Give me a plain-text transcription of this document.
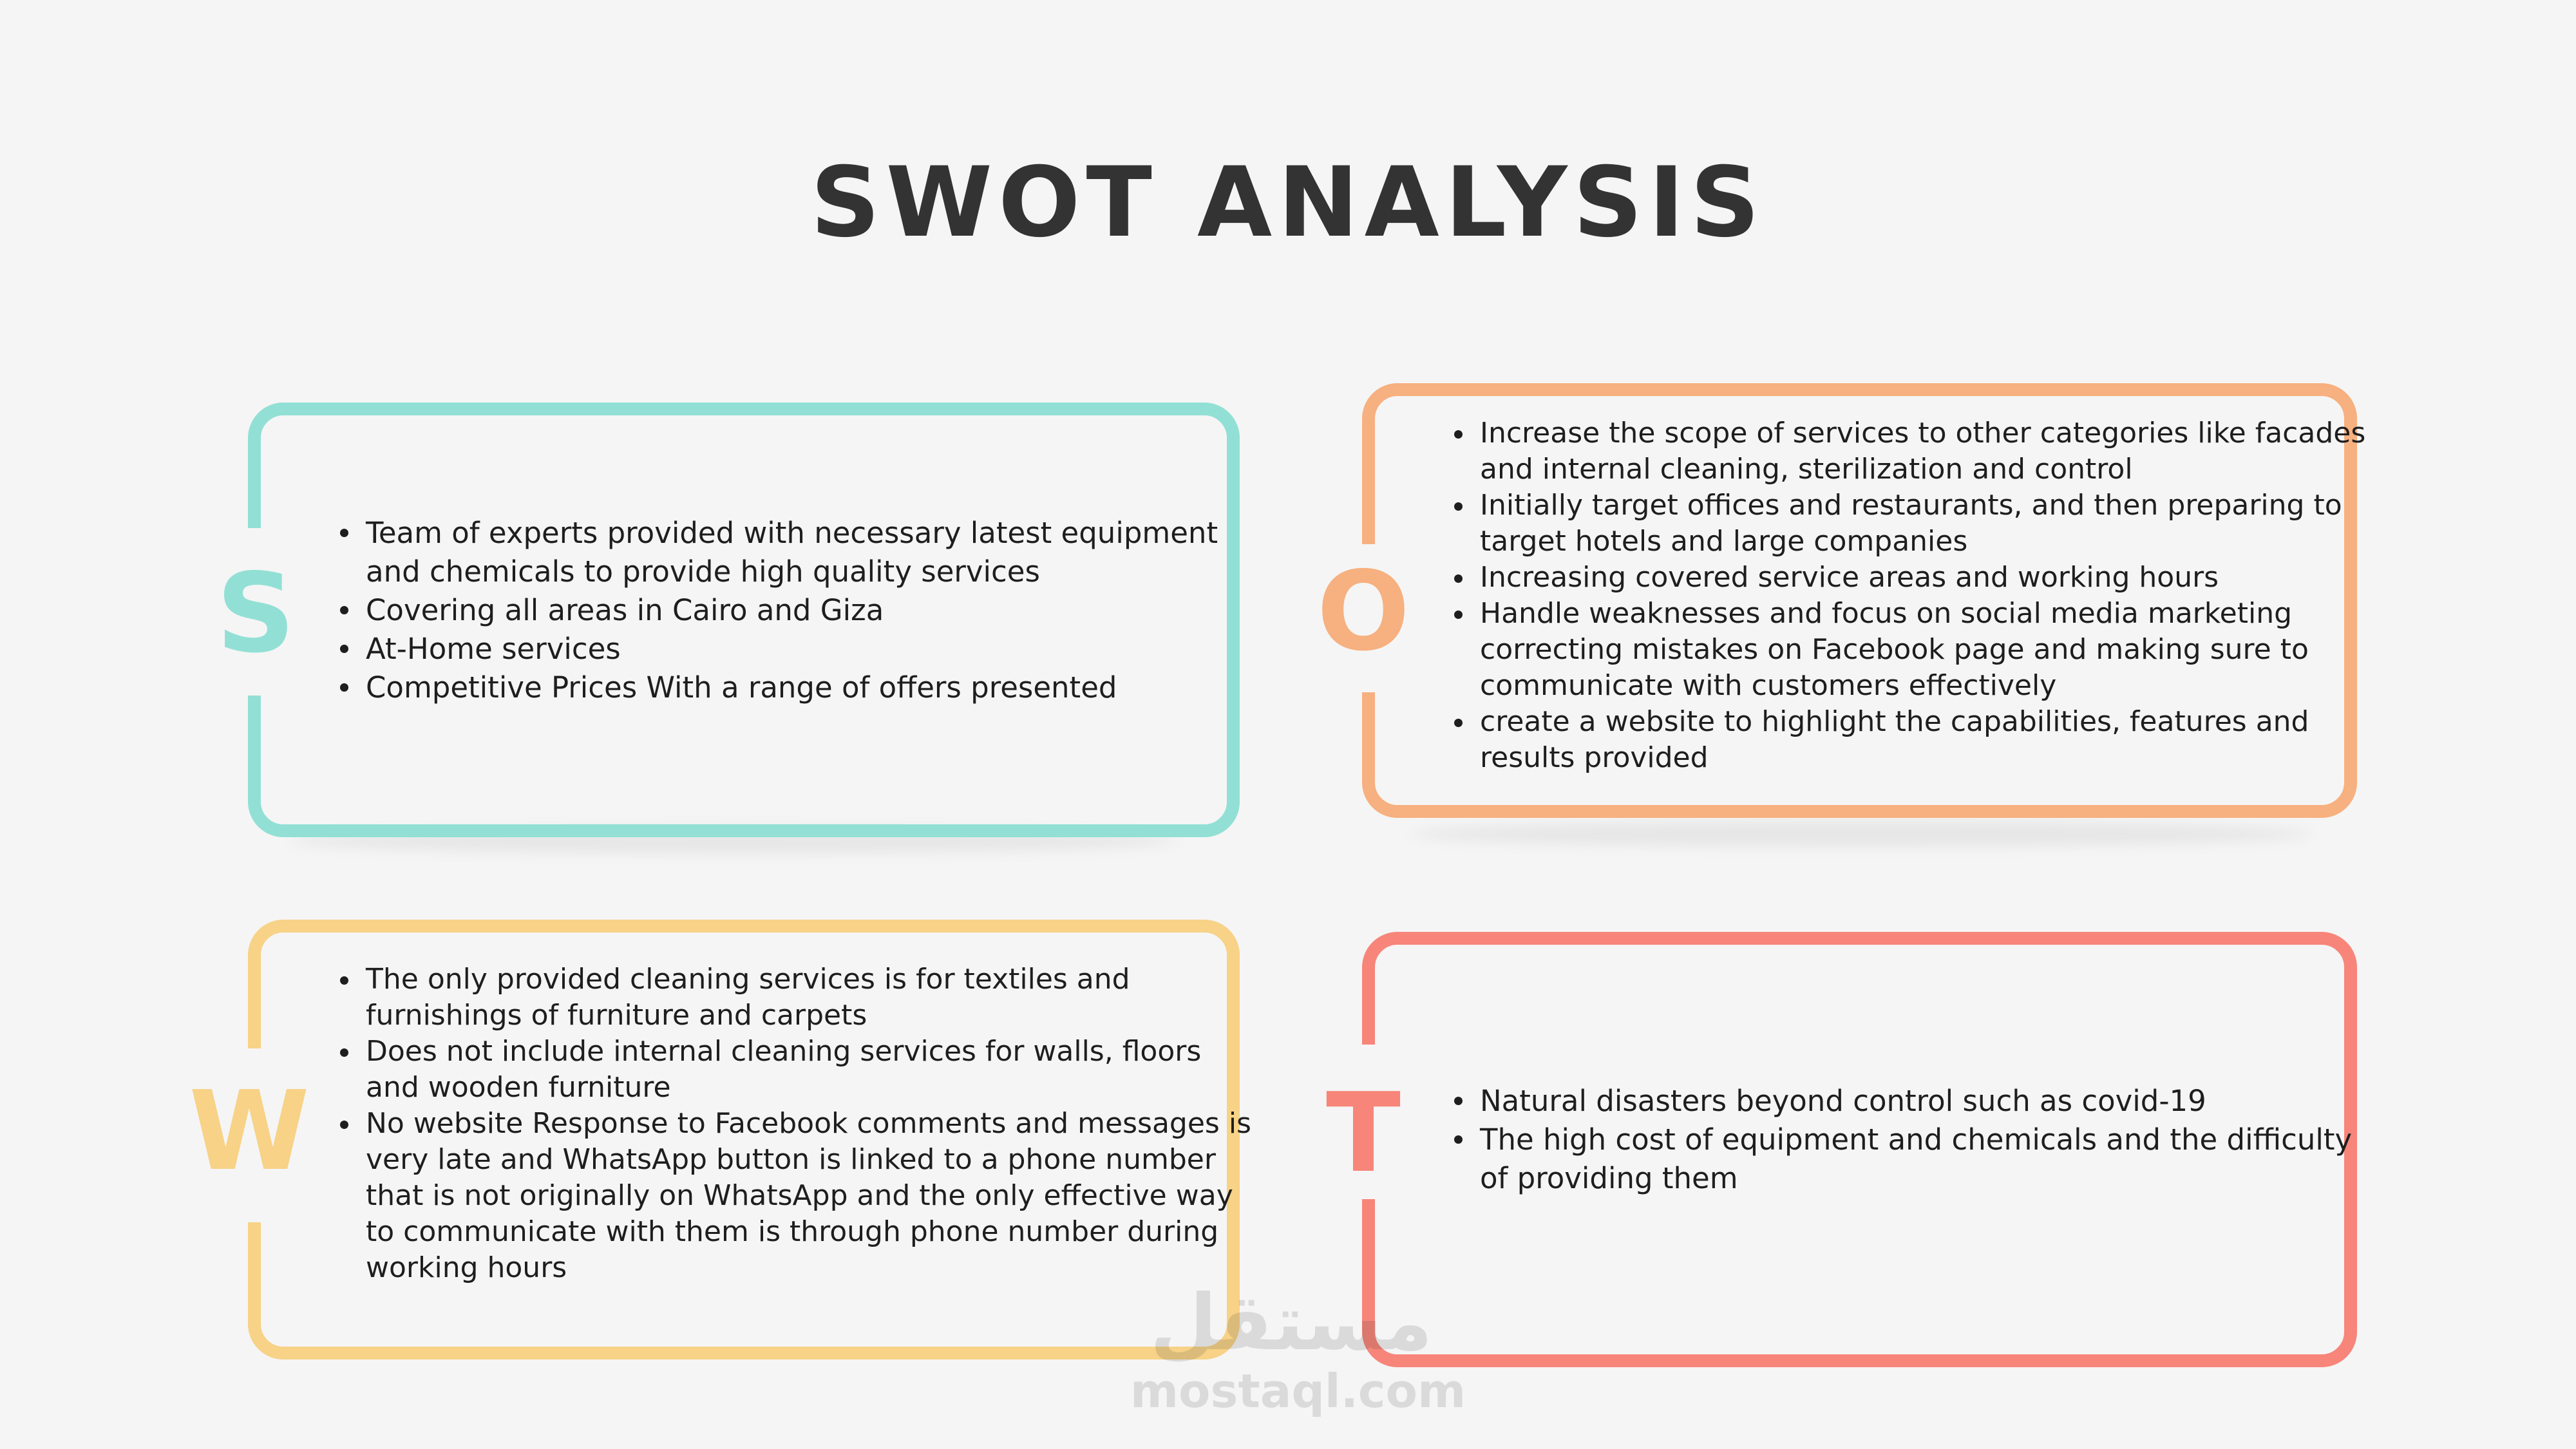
SWOT ANALYSIS
S
Team of experts provided with necessary latest equipment and chemicals to provide high quality services
Covering all areas in Cairo and Giza
At-Home services
Competitive Prices With a range of offers presented
O
Increase the scope of services to other categories like facades and internal cleaning, sterilization and control
Initially target offices and restaurants, and then preparing to target hotels and large companies
Increasing covered service areas and working hours
Handle weaknesses and focus on social media marketing correcting mistakes on Facebook page and making sure to communicate with customers effectively
create a website to highlight the capabilities, features and results provided
W
The only provided cleaning services is for textiles and furnishings of furniture and carpets
Does not include internal cleaning services for walls, floors and wooden furniture
No website Response to Facebook comments and messages is very late and WhatsApp button is linked to a phone number that is not originally on WhatsApp and the only effective way to communicate with them is through phone number during working hours
T	Natural disasters beyond control such as covid-19
The high cost of equipment and chemicals and the difficulty of providing them
مستقل
mostaql.com
